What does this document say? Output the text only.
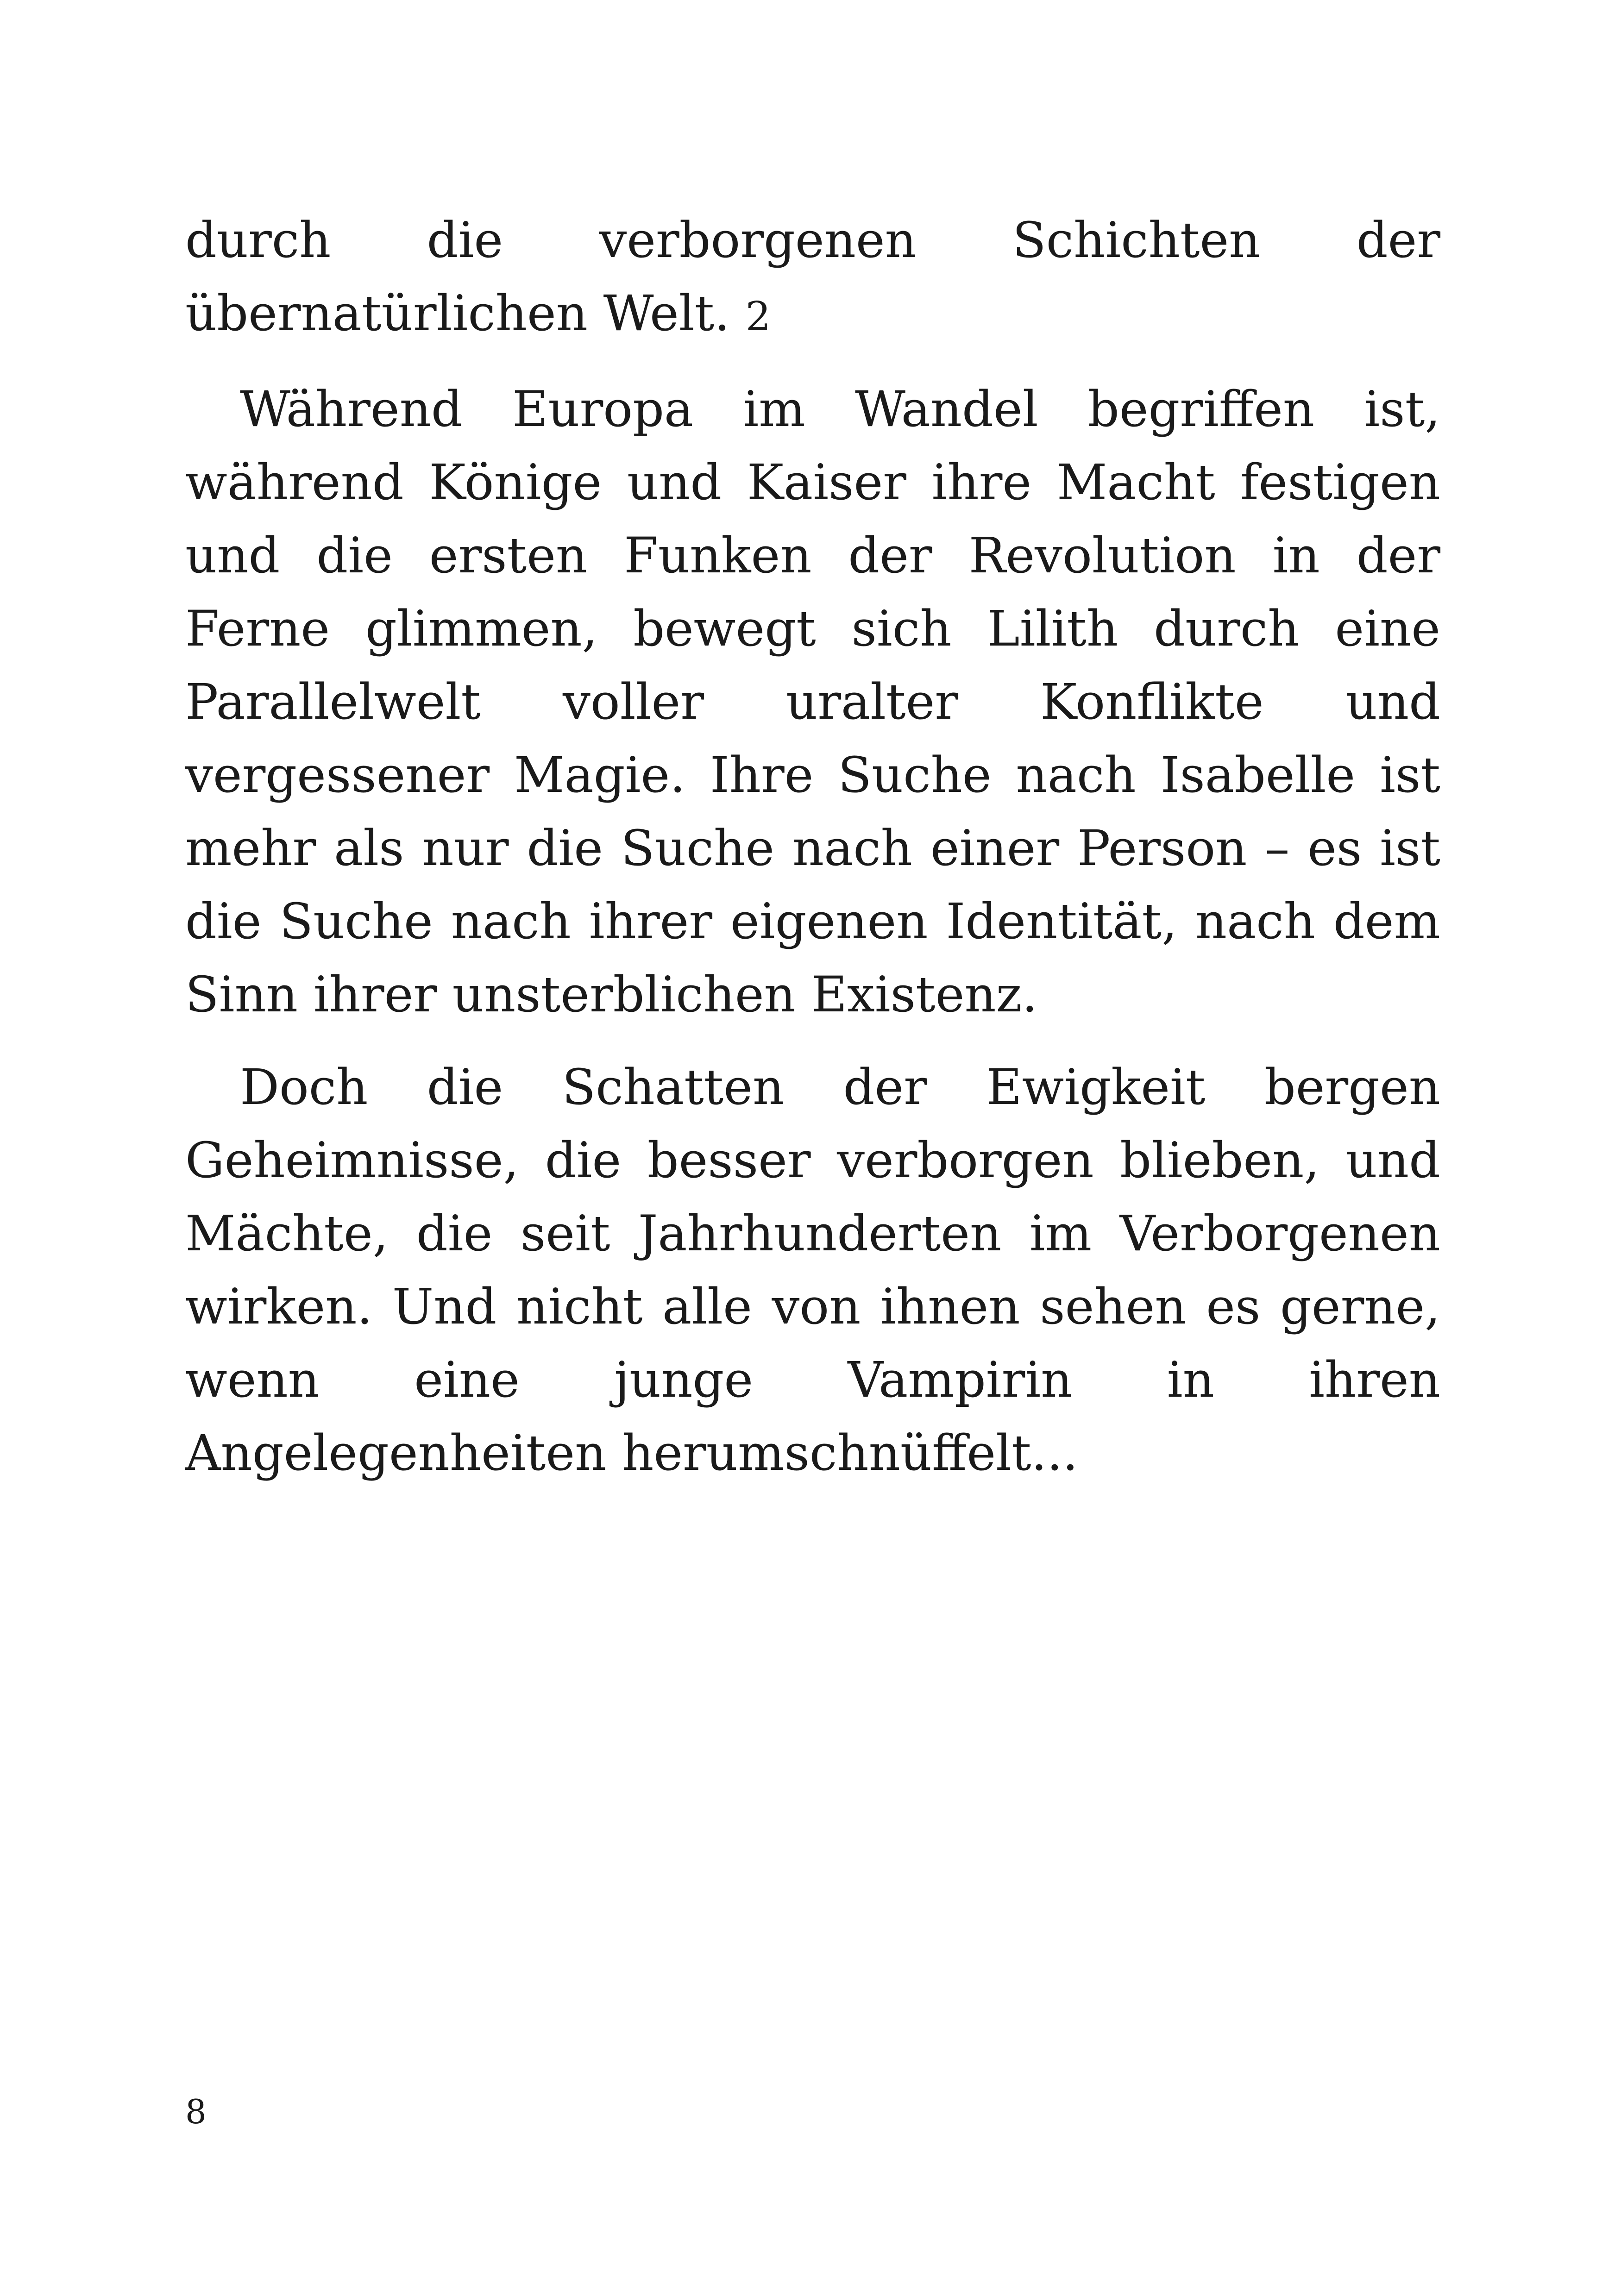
durch die verborgenen Schichten der
übernatürlichen Welt. 2

Während Europa im Wandel begriffen ist, während Könige und Kaiser ihre Macht festigen und die ersten Funken der Revolution in der Ferne glimmen, bewegt sich Lilith durch eine Parallelwelt voller uralter Konflikte und vergessener Magie. Ihre Suche nach Isabelle ist mehr als nur die Suche nach einer Person – es ist die Suche nach ihrer eigenen Identität, nach dem Sinn ihrer unsterblichen Existenz.

Doch die Schatten der Ewigkeit bergen Geheimnisse, die besser verborgen blieben, und Mächte, die seit Jahrhunderten im Verborgenen wirken. Und nicht alle von ihnen sehen es gerne, wenn eine junge Vampirin in ihren Angelegenheiten herumschnüffelt...

8
